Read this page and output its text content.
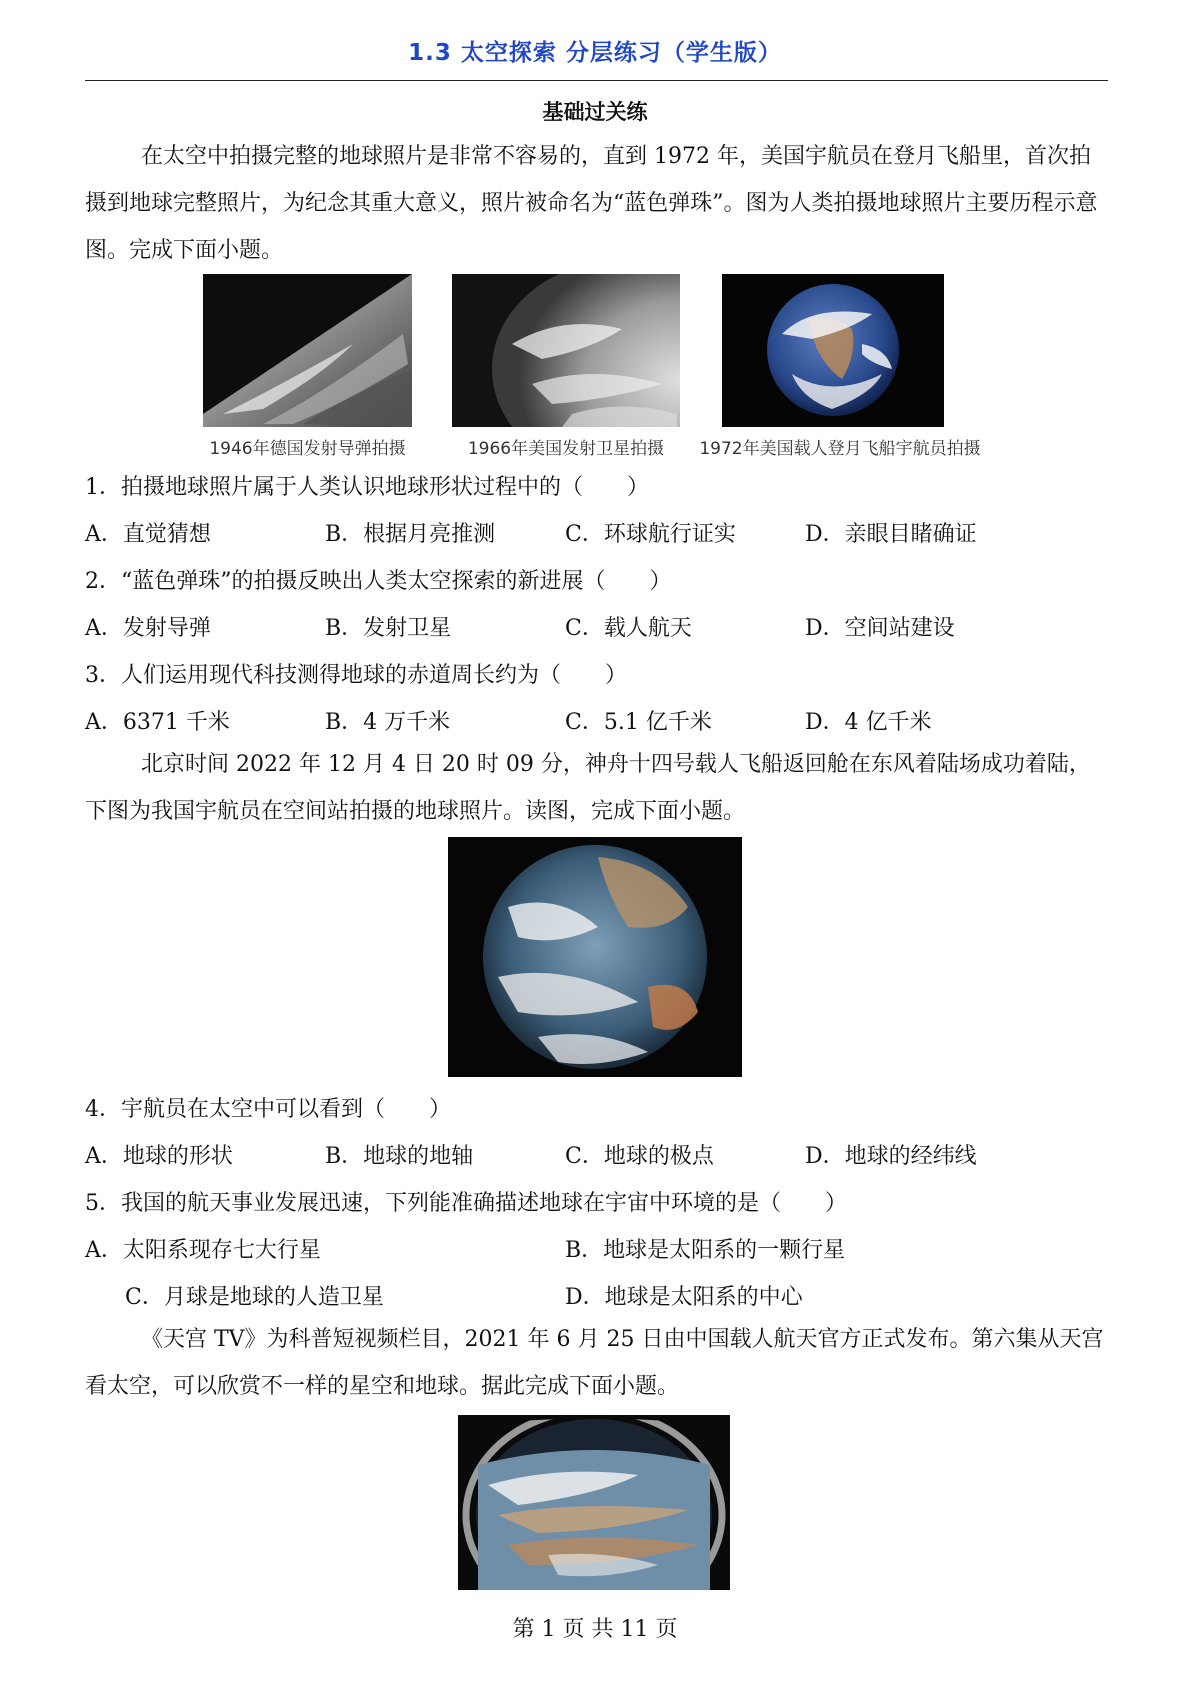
1.3 太空探索 分层练习（学生版）
基础过关练

在太空中拍摄完整的地球照片是非常不容易的，直到 1972 年，美国宇航员在登月飞船里，首次拍摄到地球完整照片，为纪念其重大意义，照片被命名为“蓝色弹珠”。图为人类拍摄地球照片主要历程示意图。完成下面小题。

1946年德国发射导弹拍摄	1966年美国发射卫星拍摄	1972年美国载人登月飞船宇航员拍摄
1．拍摄地球照片属于人类认识地球形状过程中的（　　）
A．直觉猜想	B．根据月亮推测	C．环球航行证实	D．亲眼目睹确证
2．“蓝色弹珠”的拍摄反映出人类太空探索的新进展（　　）
A．发射导弹	B．发射卫星	C．载人航天	D．空间站建设
3．人们运用现代科技测得地球的赤道周长约为（　　）
A．6371 千米	B．4 万千米	C．5.1 亿千米	D．4 亿千米

北京时间 2022 年 12 月 4 日 20 时 09 分，神舟十四号载人飞船返回舱在东风着陆场成功着陆，下图为我国宇航员在空间站拍摄的地球照片。读图，完成下面小题。

4．宇航员在太空中可以看到（　　）
A．地球的形状	B．地球的地轴	C．地球的极点	D．地球的经纬线
5．我国的航天事业发展迅速，下列能准确描述地球在宇宙中环境的是（　　）
A．太阳系现存七大行星	B．地球是太阳系的一颗行星
C．月球是地球的人造卫星	D．地球是太阳系的中心

《天宫 TV》为科普短视频栏目，2021 年 6 月 25 日由中国载人航天官方正式发布。第六集从天宫看太空，可以欣赏不一样的星空和地球。据此完成下面小题。

第 1 页 共 11 页
